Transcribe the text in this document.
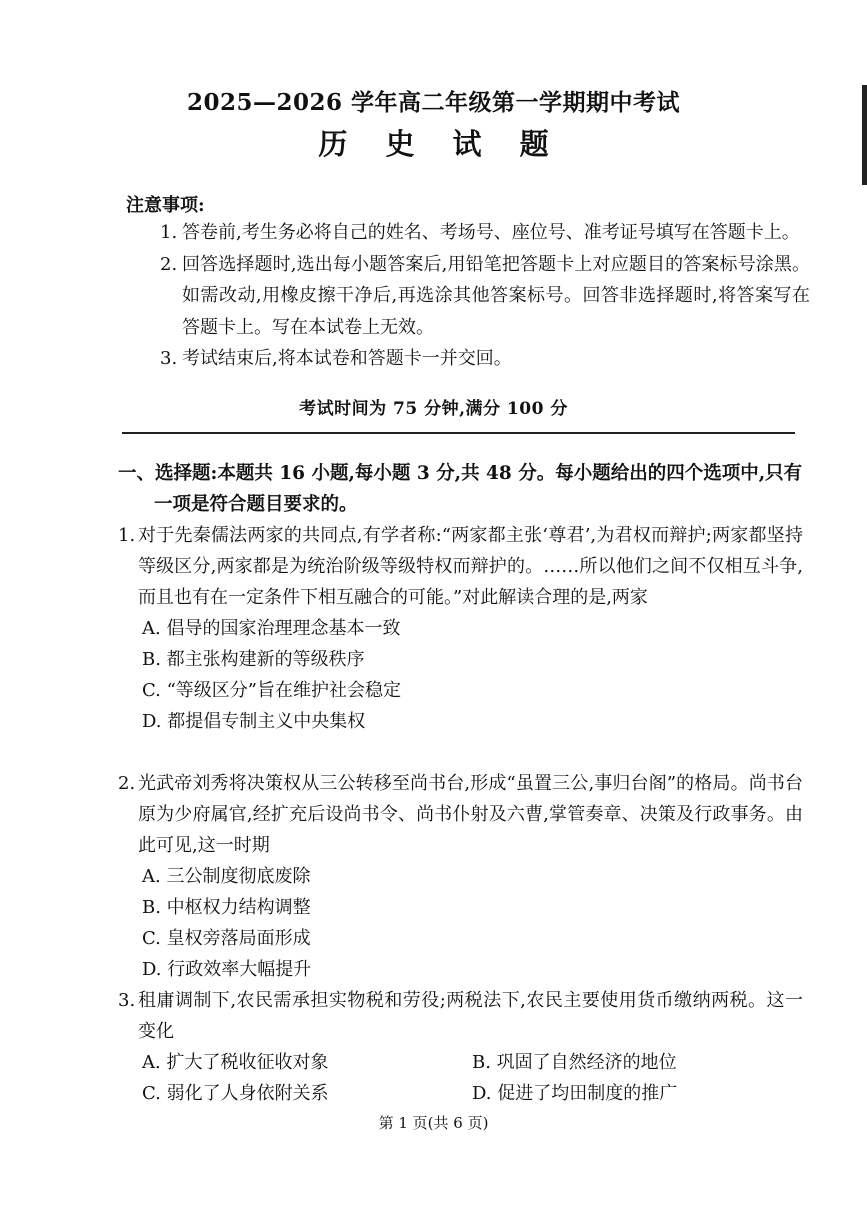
2025—2026 学年高二年级第一学期期中考试
历 史 试 题
注意事项:
1. 答卷前,考生务必将自己的姓名、考场号、座位号、准考证号填写在答题卡上。
2. 回答选择题时,选出每小题答案后,用铅笔把答题卡上对应题目的答案标号涂黑。如需改动,用橡皮擦干净后,再选涂其他答案标号。回答非选择题时,将答案写在答题卡上。写在本试卷上无效。
3. 考试结束后,将本试卷和答题卡一并交回。
考试时间为 75 分钟,满分 100 分
一、选择题:本题共 16 小题,每小题 3 分,共 48 分。每小题给出的四个选项中,只有
一项是符合题目要求的。
1. 对于先秦儒法两家的共同点,有学者称:“两家都主张‘尊君’,为君权而辩护;两家都坚持等级区分,两家都是为统治阶级等级特权而辩护的。……所以他们之间不仅相互斗争,而且也有在一定条件下相互融合的可能。”对此解读合理的是,两家
A. 倡导的国家治理理念基本一致
B. 都主张构建新的等级秩序
C. “等级区分”旨在维护社会稳定
D. 都提倡专制主义中央集权
2. 光武帝刘秀将决策权从三公转移至尚书台,形成“虽置三公,事归台阁”的格局。尚书台原为少府属官,经扩充后设尚书令、尚书仆射及六曹,掌管奏章、决策及行政事务。由此可见,这一时期
A. 三公制度彻底废除
B. 中枢权力结构调整
C. 皇权旁落局面形成
D. 行政效率大幅提升
3. 租庸调制下,农民需承担实物税和劳役;两税法下,农民主要使用货币缴纳两税。这一变化
A. 扩大了税收征收对象	B. 巩固了自然经济的地位
C. 弱化了人身依附关系	D. 促进了均田制度的推广
第 1 页(共 6 页)
